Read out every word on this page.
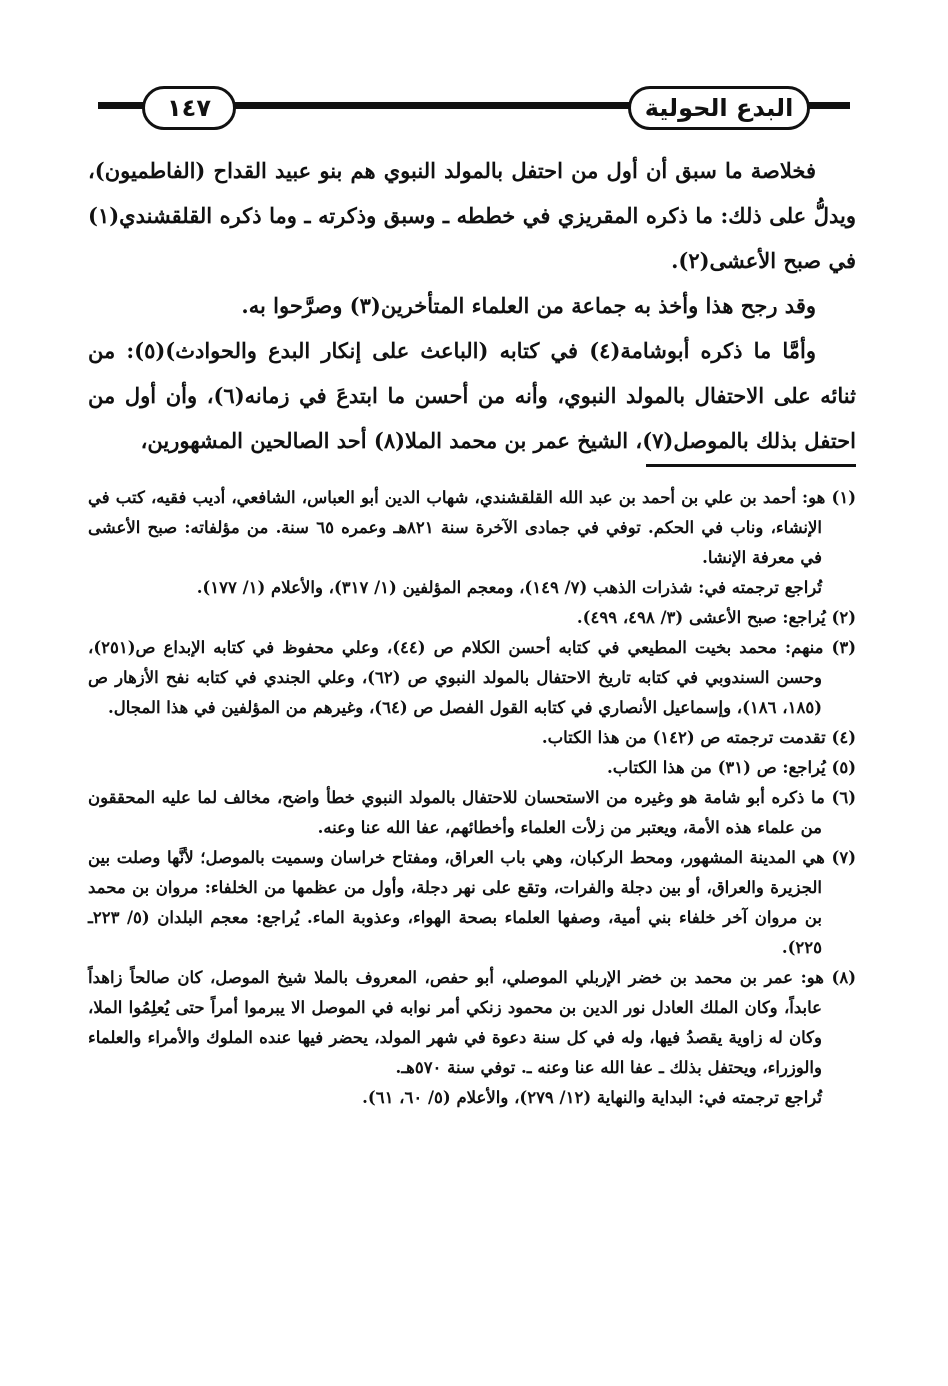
١٤٧	البدع الحولية

فخلاصة ما سبق أن أول من احتفل بالمولد النبوي هم بنو عبيد القداح (الفاطميون)، ويدلُّ على ذلك: ما ذكره المقريزي في خططه ـ وسبق وذكرته ـ وما ذكره القلقشندي(١) في صبح الأعشى(٢).

وقد رجح هذا وأخذ به جماعة من العلماء المتأخرين(٣) وصرَّحوا به.

وأمَّا ما ذكره أبوشامة(٤) في كتابه (الباعث على إنكار البدع والحوادث)(٥): من ثنائه على الاحتفال بالمولد النبوي، وأنه من أحسن ما ابتدعَ في زمانه(٦)، وأن أول من احتفل بذلك بالموصل(٧)، الشيخ عمر بن محمد الملا(٨) أحد الصالحين المشهورين،

(١) هو: أحمد بن علي بن أحمد بن عبد الله القلقشندي، شهاب الدين أبو العباس، الشافعي، أديب فقيه، كتب في الإنشاء، وناب في الحكم. توفي في جمادى الآخرة سنة ٨٢١هـ وعمره ٦٥ سنة. من مؤلفاته: صبح الأعشى في معرفة الإنشا.

تُراجع ترجمته في: شذرات الذهب (٧/ ١٤٩)، ومعجم المؤلفين (١/ ٣١٧)، والأعلام (١/ ١٧٧).

(٢) يُراجع: صبح الأعشى (٣/ ٤٩٨، ٤٩٩).

(٣) منهم: محمد بخيت المطيعي في كتابه أحسن الكلام ص (٤٤)، وعلي محفوظ في كتابه الإبداع ص(٢٥١)، وحسن السندوبي في كتابه تاريخ الاحتفال بالمولد النبوي ص (٦٢)، وعلي الجندي في كتابه نفح الأزهار ص (١٨٥، ١٨٦)، وإسماعيل الأنصاري في كتابه القول الفصل ص (٦٤)، وغيرهم من المؤلفين في هذا المجال.

(٤) تقدمت ترجمته ص (١٤٢) من هذا الكتاب.

(٥) يُراجع: ص (٣١) من هذا الكتاب.

(٦) ما ذكره أبو شامة هو وغيره من الاستحسان للاحتفال بالمولد النبوي خطأ واضح، مخالف لما عليه المحققون من علماء هذه الأمة، ويعتبر من زلأت العلماء وأخطائهم، عفا الله عنا وعنه.

(٧) هي المدينة المشهور، ومحط الركبان، وهي باب العراق، ومفتاح خراسان وسميت بالموصل؛ لأنَّها وصلت بين الجزيرة والعراق، أو بين دجلة والفرات، وتقع على نهر دجلة، وأول من عظمها من الخلفاء: مروان بن محمد بن مروان آخر خلفاء بني أمية، وصفها العلماء بصحة الهواء، وعذوبة الماء. يُراجع: معجم البلدان (٥/ ٢٢٣ـ ٢٢٥).

(٨) هو: عمر بن محمد بن خضر الإربلي الموصلي، أبو حفص، المعروف بالملا شيخ الموصل، كان صالحاً زاهداً عابداً، وكان الملك العادل نور الدين بن محمود زنكي أمر نوابه في الموصل الا يبرموا أمراً حتى يُعلِمُوا الملا، وكان له زاوية يقصدُ فيها، وله في كل سنة دعوة في شهر المولد، يحضر فيها عنده الملوك والأمراء والعلماء والوزراء، ويحتفل بذلك ـ عفا الله عنا وعنه ـ. توفي سنة ٥٧٠هـ.

تُراجع ترجمته في: البداية والنهاية (١٢/ ٢٧٩)، والأعلام (٥/ ٦٠، ٦١).
